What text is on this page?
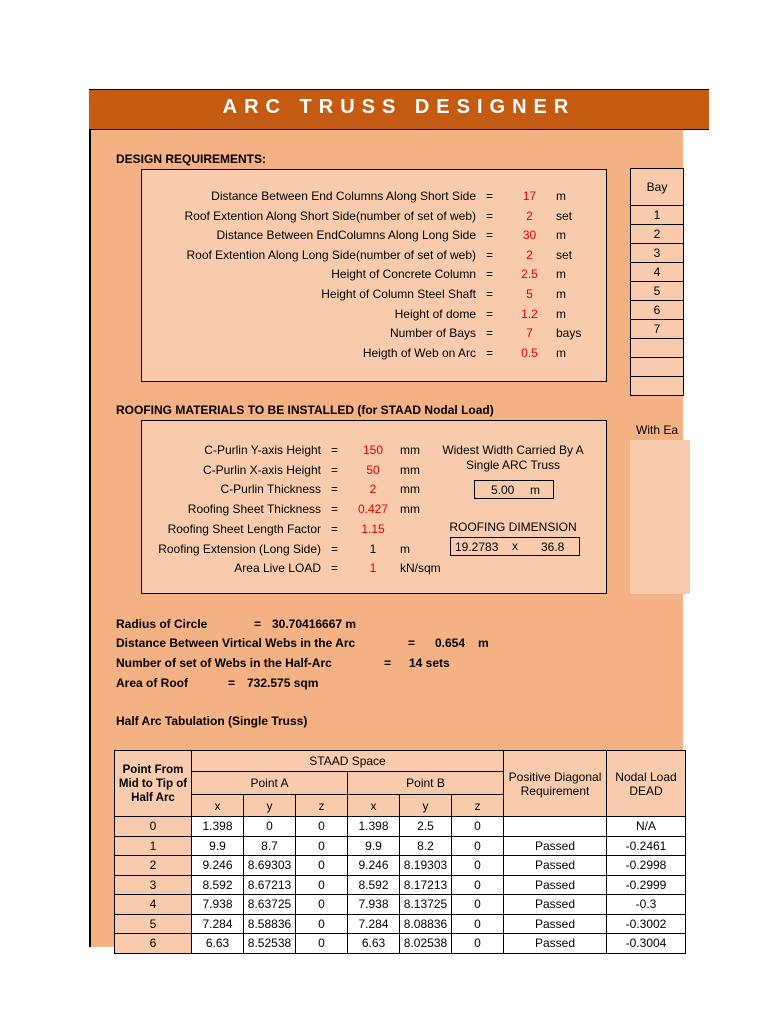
ARC TRUSS DESIGNER
DESIGN REQUIREMENTS:
Distance Between End Columns Along Short Side =	17	m
Roof Extention Along Short Side(number of set of web) =	2	set
Distance Between EndColumns Along Long Side =	30	m
Roof Extention Along Long Side(number of set of web) =	2	set
Height of Concrete Column =	2.5	m
Height of Column Steel Shaft =	5	m
Height of dome =	1.2	m
Number of Bays =	7	bays
Heigth of Web on Arc =	0.5	m
Bay
1
2
3
4
5
6
7

ROOFING MATERIALS TO BE INSTALLED (for STAAD Nodal Load)
With Ea
C-Purlin Y-axis Height =	150	mm
C-Purlin X-axis Height =	50	mm
C-Purlin Thickness =	2	mm
Roofing Sheet Thickness =	0.427 mm
Roofing Sheet Length Factor =	1.15
Roofing Extension (Long Side) =	1	m
Area Live LOAD =	1	kN/sqm
Widest Width Carried By A
Single ARC Truss
5.00 m
ROOFING DIMENSION
19.2783 x 36.8
Radius of Circle	= 30.70416667 m
Distance Between Virtical Webs in the Arc	= 0.654 m
Number of set of Webs in the Half-Arc	= 14 sets
Area of Roof	= 732.575 sqm
Half Arc Tabulation (Single Truss)
Point From Mid to Tip of Half Arc	STAAD Space						Positive Diagonal Requirement	Nodal Load DEAD
	Point A			Point B				
	x	y	z	x	y	z		
0	1.398	0	0	1.398	2.5	0		N/A
1	9.9	8.7	0	9.9	8.2	0	Passed	-0.2461
2	9.246	8.69303	0	9.246	8.19303	0	Passed	-0.2998
3	8.592	8.67213	0	8.592	8.17213	0	Passed	-0.2999
4	7.938	8.63725	0	7.938	8.13725	0	Passed	-0.3
5	7.284	8.58836	0	7.284	8.08836	0	Passed	-0.3002
6	6.63	8.52538	0	6.63	8.02538	0	Passed	-0.3004
